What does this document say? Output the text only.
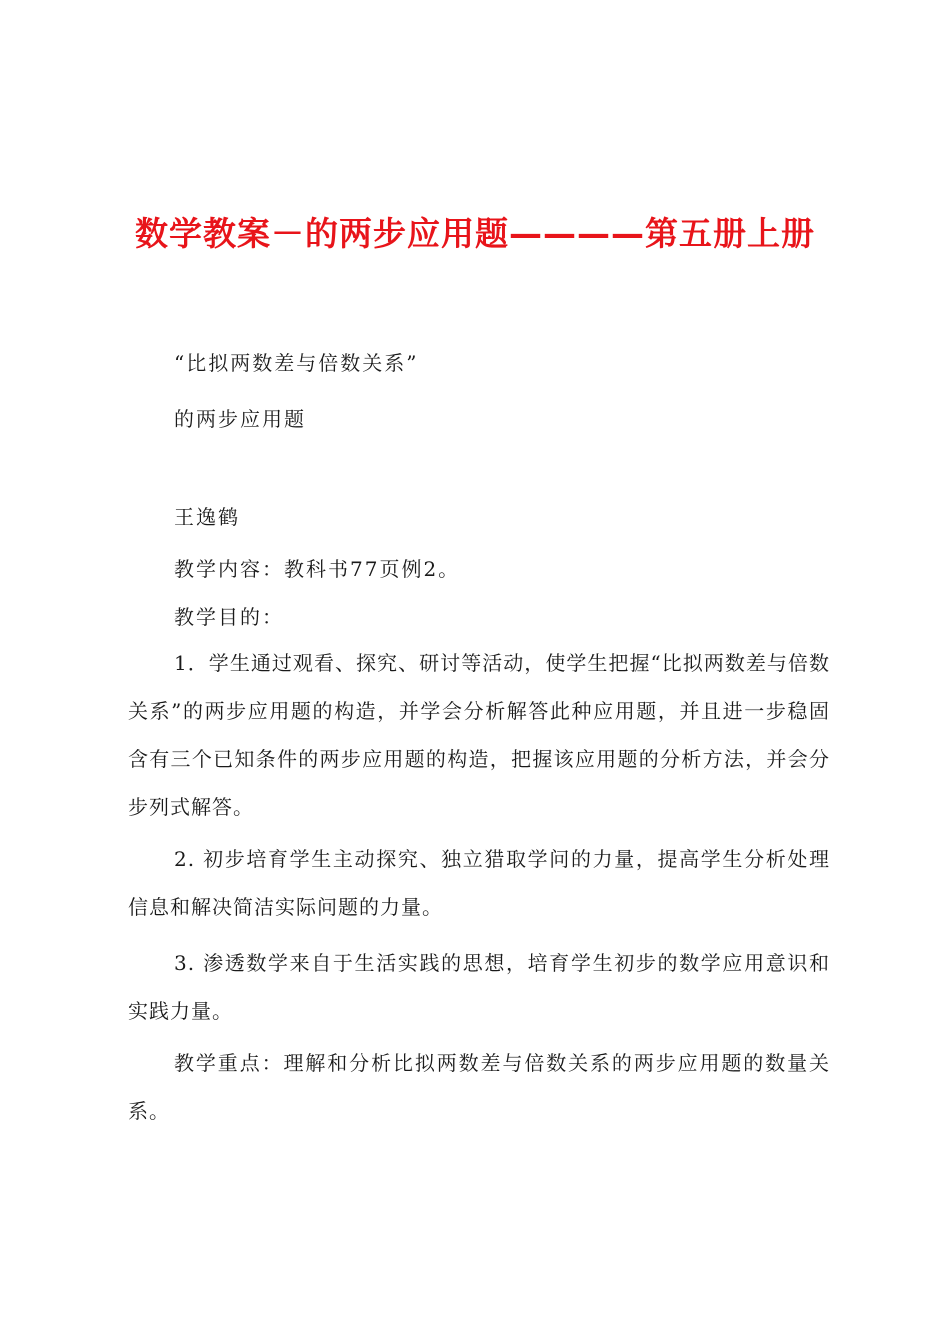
数学教案－的两步应用题————第五册上册
“比拟两数差与倍数关系”
的两步应用题
王逸鹤
教学内容：教科书77页例2。
教学目的：
1．学生通过观看、探究、研讨等活动，使学生把握“比拟两数差与倍数关系”的两步应用题的构造，并学会分析解答此种应用题，并且进一步稳固含有三个已知条件的两步应用题的构造，把握该应用题的分析方法，并会分步列式解答。
2. 初步培育学生主动探究、独立猎取学问的力量，提高学生分析处理信息和解决简洁实际问题的力量。
3. 渗透数学来自于生活实践的思想，培育学生初步的数学应用意识和实践力量。
教学重点：理解和分析比拟两数差与倍数关系的两步应用题的数量关系。
